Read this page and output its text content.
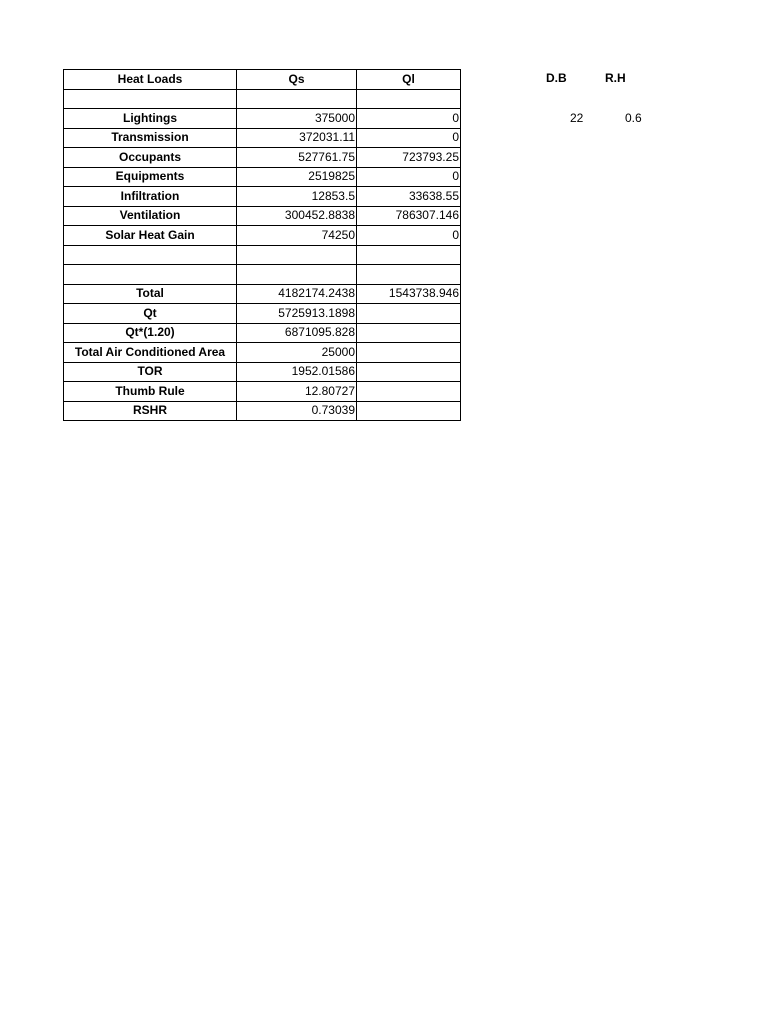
Heat Loads	Qs	Ql

Lightings	375000	0
Transmission	372031.11	0
Occupants	527761.75	723793.25
Equipments	2519825	0
Infiltration	12853.5	33638.55
Ventilation	300452.8838	786307.146
Solar Heat Gain	74250	0

Total	4182174.2438	1543738.946
Qt	5725913.1898	
Qt*(1.20)	6871095.828	
Total Air Conditioned Area	25000	
TOR	1952.01586	
Thumb Rule	12.80727	
RSHR	0.73039	
D.B	R.H
22	0.6
